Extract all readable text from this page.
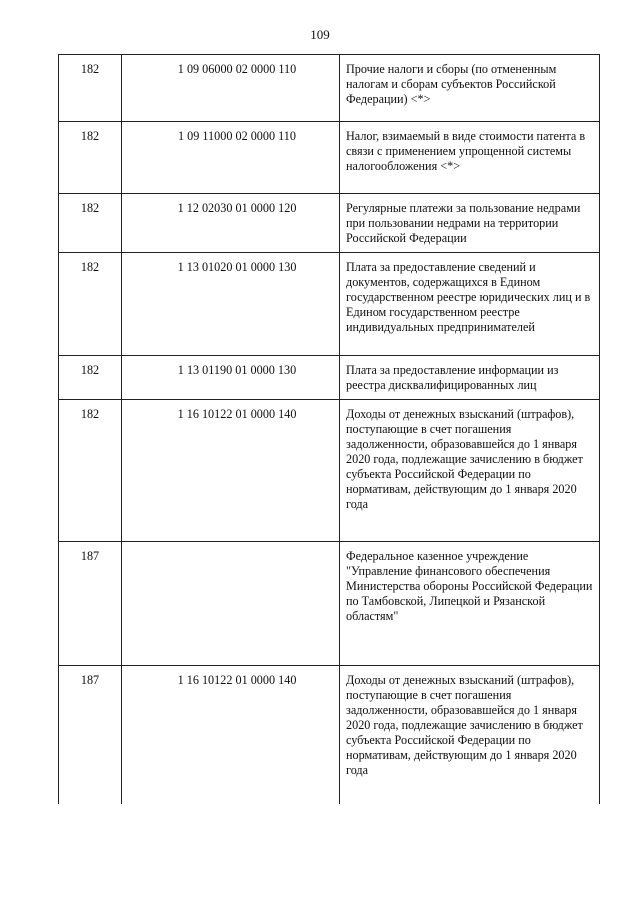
109
182	1 09 06000 02 0000 110	Прочие налоги и сборы (по отмененным налогам и сборам субъектов Российской Федерации) <*>
182	1 09 11000 02 0000 110	Налог, взимаемый в виде стоимости патента в связи с применением упрощенной системы налогообложения <*>
182	1 12 02030 01 0000 120	Регулярные платежи за пользование недрами при пользовании недрами на территории Российской Федерации
182	1 13 01020 01 0000 130	Плата за предоставление сведений и документов, содержащихся в Едином государственном реестре юридических лиц и в Едином государственном реестре индивидуальных предпринимателей
182	1 13 01190 01 0000 130	Плата за предоставление информации из реестра дисквалифицированных лиц
182	1 16 10122 01 0000 140	Доходы от денежных взысканий (штрафов), поступающие в счет погашения задолженности, образовавшейся до 1 января 2020 года, подлежащие зачислению в бюджет субъекта Российской Федерации по нормативам, действующим до 1 января 2020 года
187		Федеральное казенное учреждение "Управление финансового обеспечения Министерства обороны Российской Федерации по Тамбовской, Липецкой и Рязанской областям"
187	1 16 10122 01 0000 140	Доходы от денежных взысканий (штрафов), поступающие в счет погашения задолженности, образовавшейся до 1 января 2020 года, подлежащие зачислению в бюджет субъекта Российской Федерации по нормативам, действующим до 1 января 2020 года
